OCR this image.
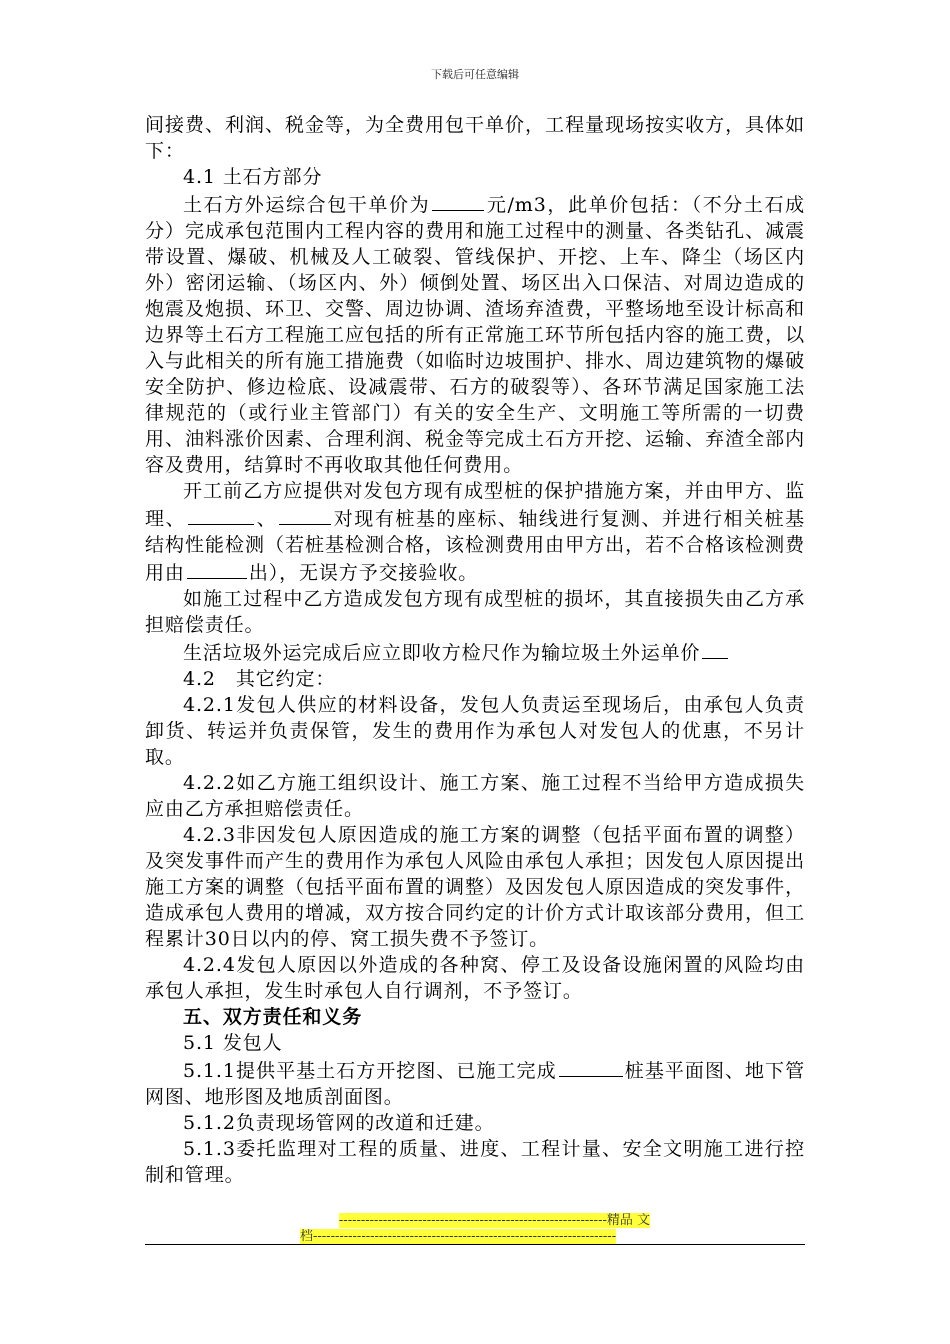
下载后可任意编辑

间接费、利润、税金等，为全费用包干单价，工程量现场按实收方，具体如下：

4.1 土石方部分

土石方外运综合包干单价为	元/m3，此单价包括：（不分土石成分）完成承包范围内工程内容的费用和施工过程中的测量、各类钻孔、减震带设置、爆破、机械及人工破裂、管线保护、开挖、上车、降尘（场区内外）密闭运输、（场区内、外）倾倒处置、场区出入口保洁、对周边造成的炮震及炮损、环卫、交警、周边协调、渣场弃渣费，平整场地至设计标高和边界等土石方工程施工应包括的所有正常施工环节所包括内容的施工费，以入与此相关的所有施工措施费（如临时边坡围护、排水、周边建筑物的爆破安全防护、修边检底、设减震带、石方的破裂等）、各环节满足国家施工法律规范的（或行业主管部门）有关的安全生产、文明施工等所需的一切费用、油料涨价因素、合理利润、税金等完成土石方开挖、运输、弃渣全部内容及费用，结算时不再收取其他任何费用。

开工前乙方应提供对发包方现有成型桩的保护措施方案，并由甲方、监理、	、	对现有桩基的座标、轴线进行复测、并进行相关桩基结构性能检测（若桩基检测合格，该检测费用由甲方出，若不合格该检测费用由	出），无误方予交接验收。

如施工过程中乙方造成发包方现有成型桩的损坏，其直接损失由乙方承担赔偿责任。

生活垃圾外运完成后应立即收方检尺作为输垃圾土外运单价

4.2　其它约定：

4.2.1发包人供应的材料设备，发包人负责运至现场后，由承包人负责卸货、转运并负责保管，发生的费用作为承包人对发包人的优惠，不另计取。

4.2.2如乙方施工组织设计、施工方案、施工过程不当给甲方造成损失应由乙方承担赔偿责任。

4.2.3非因发包人原因造成的施工方案的调整（包括平面布置的调整）及突发事件而产生的费用作为承包人风险由承包人承担；因发包人原因提出施工方案的调整（包括平面布置的调整）及因发包人原因造成的突发事件，造成承包人费用的增减，双方按合同约定的计价方式计取该部分费用，但工程累计30日以内的停、窝工损失费不予签订。

4.2.4发包人原因以外造成的各种窝、停工及设备设施闲置的风险均由承包人承担，发生时承包人自行调剂，不予签订。

五、双方责任和义务

5.1 发包人

5.1.1提供平基土石方开挖图、已施工完成	桩基平面图、地下管网图、地形图及地质剖面图。

5.1.2负责现场管网的改道和迁建。

5.1.3委托监理对工程的质量、进度、工程计量、安全文明施工进行控制和管理。

-------------------------------------------------------------精品 文
档---------------------------------------------------------------------
